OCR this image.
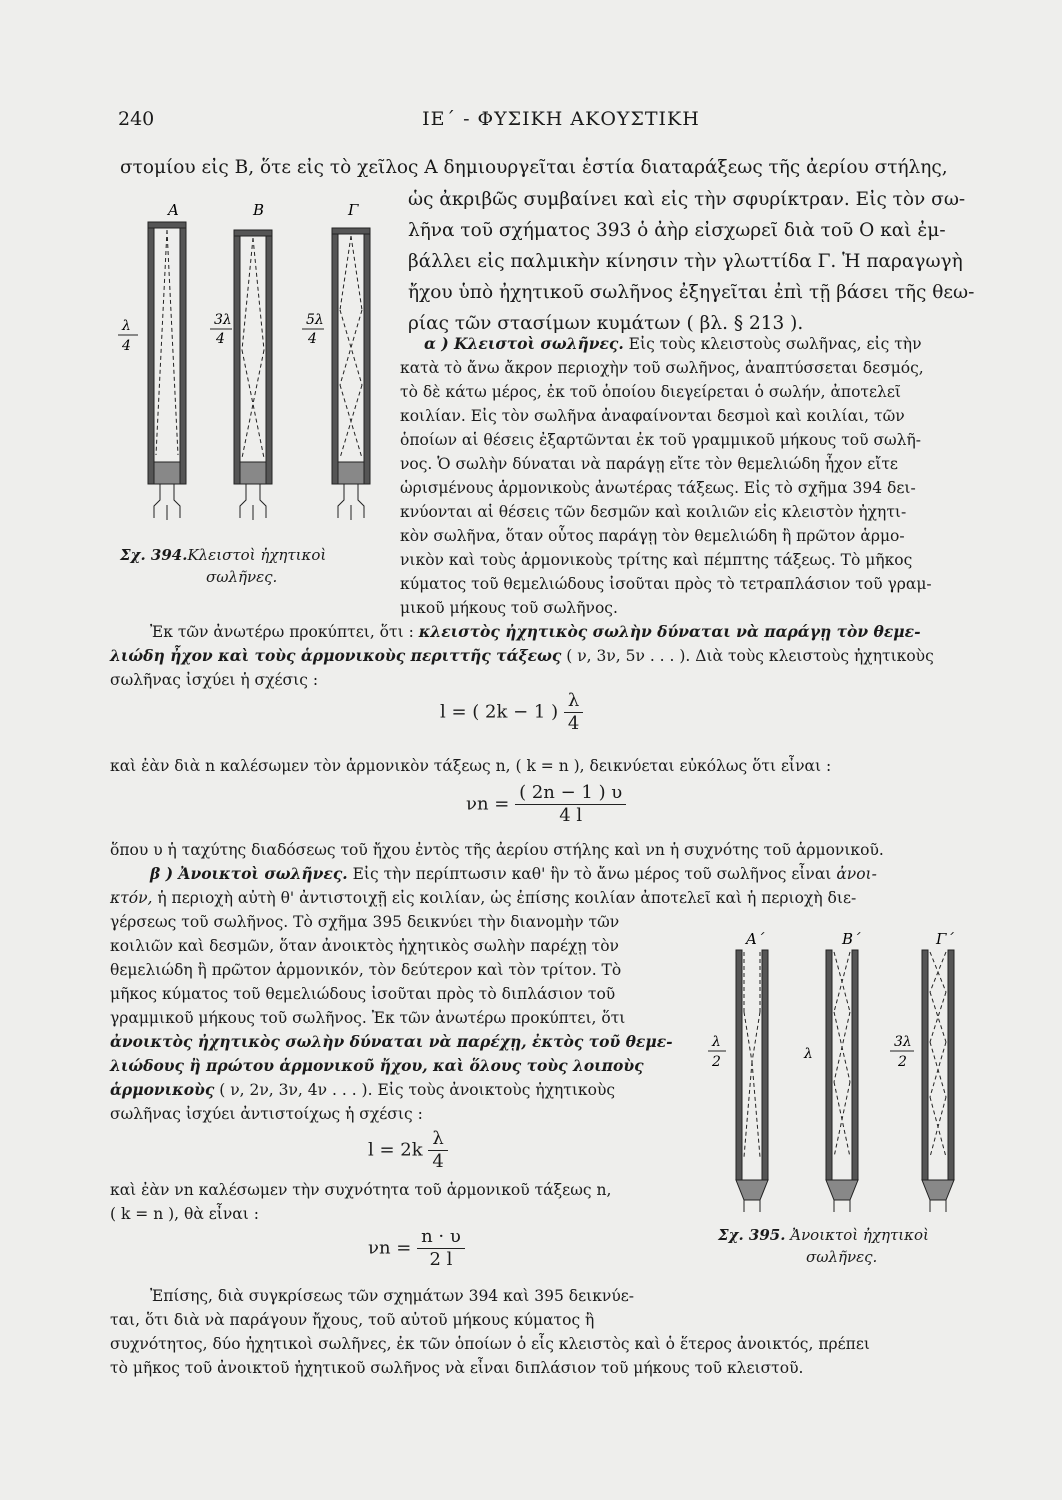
240	ΙΕ΄ - ΦΥΣΙΚΗ ΑΚΟΥΣΤΙΚΗ
στομίου εἰς Β, ὅτε εἰς τὸ χεῖλος Α δημιουργεῖται ἑστία διαταράξεως τῆς ἀερίου στήλης,
ὡς ἀκριβῶς συμβαίνει καὶ εἰς τὴν σφυρίκτραν. Εἰς τὸν σω-
λῆνα τοῦ σχήματος 393 ὁ ἀὴρ εἰσχωρεῖ διὰ τοῦ Ο καὶ ἐμ-
βάλλει εἰς παλμικὴν κίνησιν τὴν γλωττίδα Γ. Ἡ παραγωγὴ
ἤχου ὑπὸ ἠχητικοῦ σωλῆνος ἐξηγεῖται ἐπὶ τῇ βάσει τῆς θεω-
ρίας τῶν στασίμων κυμάτων ( βλ. § 213 ).
α ) Κλειστοὶ σωλῆνες. Εἰς τοὺς κλειστοὺς σωλῆνας, εἰς τὴν
κατὰ τὸ ἄνω ἄκρον περιοχὴν τοῦ σωλῆνος, ἀναπτύσσεται δεσμός,
τὸ δὲ κάτω μέρος, ἐκ τοῦ ὁποίου διεγείρεται ὁ σωλήν, ἀποτελεῖ
κοιλίαν. Εἰς τὸν σωλῆνα ἀναφαίνονται δεσμοὶ καὶ κοιλίαι, τῶν
ὁποίων αἱ θέσεις ἐξαρτῶνται ἐκ τοῦ γραμμικοῦ μήκους τοῦ σωλῆ-
νος. Ὁ σωλὴν δύναται νὰ παράγῃ εἴτε τὸν θεμελιώδη ἦχον εἴτε
ὡρισμένους ἁρμονικοὺς ἀνωτέρας τάξεως. Εἰς τὸ σχῆμα 394 δει-
κνύονται αἱ θέσεις τῶν δεσμῶν καὶ κοιλιῶν εἰς κλειστὸν ἠχητι-
κὸν σωλῆνα, ὅταν οὗτος παράγῃ τὸν θεμελιώδη ἢ πρῶτον ἁρμο-
νικὸν καὶ τοὺς ἁρμονικοὺς τρίτης καὶ πέμπτης τάξεως. Τὸ μῆκος
κύματος τοῦ θεμελιώδους ἰσοῦται πρὸς τὸ τετραπλάσιον τοῦ γραμ-
μικοῦ μήκους τοῦ σωλῆνος.
A	B	Γ
λ
4
3λ
4
5λ
4
Σχ. 394.Κλειστοὶ ἠχητικοὶ
σωλῆνες.
Ἐκ τῶν ἀνωτέρω προκύπτει, ὅτι : κλειστὸς ἠχητικὸς σωλὴν δύναται νὰ παράγῃ τὸν θεμε-
λιώδη ἦχον καὶ τοὺς ἁρμονικοὺς περιττῆς τάξεως ( ν, 3ν, 5ν . . . ). Διὰ τοὺς κλειστοὺς ἠχητικοὺς
σωλῆνας ἰσχύει ἡ σχέσις :
l = ( 2k − 1 ) $\frac{\lambda}{4}$
καὶ ἐὰν διὰ n καλέσωμεν τὸν ἁρμονικὸν τάξεως n, ( k = n ), δεικνύεται εὐκόλως ὅτι εἶναι :
$\nu n = \frac{( 2n - 1 ) \upsilon}{4 l}$
ὅπου υ ἡ ταχύτης διαδόσεως τοῦ ἤχου ἐντὸς τῆς ἀερίου στήλης καὶ νn ἡ συχνότης τοῦ ἁρμονικοῦ.
β ) Ἀνοικτοὶ σωλῆνες. Εἰς τὴν περίπτωσιν καθ' ἣν τὸ ἄνω μέρος τοῦ σωλῆνος εἶναι ἀνοι-
κτόν, ἡ περιοχὴ αὐτὴ θ' ἀντιστοιχῇ εἰς κοιλίαν, ὡς ἐπίσης κοιλίαν ἀποτελεῖ καὶ ἡ περιοχὴ διε-
γέρσεως τοῦ σωλῆνος. Τὸ σχῆμα 395 δεικνύει τὴν διανομὴν τῶν
κοιλιῶν καὶ δεσμῶν, ὅταν ἀνοικτὸς ἠχητικὸς σωλὴν παρέχῃ τὸν
θεμελιώδη ἢ πρῶτον ἁρμονικόν, τὸν δεύτερον καὶ τὸν τρίτον. Τὸ
μῆκος κύματος τοῦ θεμελιώδους ἰσοῦται πρὸς τὸ διπλάσιον τοῦ
γραμμικοῦ μήκους τοῦ σωλῆνος. Ἐκ τῶν ἀνωτέρω προκύπτει, ὅτι
ἀνοικτὸς ἠχητικὸς σωλὴν δύναται νὰ παρέχῃ, ἐκτὸς τοῦ θεμε-
λιώδους ἢ πρώτου ἁρμονικοῦ ἤχου, καὶ ὅλους τοὺς λοιποὺς
ἁρμονικοὺς ( ν, 2ν, 3ν, 4ν . . . ). Εἰς τοὺς ἀνοικτοὺς ἠχητικοὺς
σωλῆνας ἰσχύει ἀντιστοίχως ἡ σχέσις :
$l = 2k \frac{\lambda}{4}$
καὶ ἐὰν νn καλέσωμεν τὴν συχνότητα τοῦ ἁρμονικοῦ τάξεως n,
( k = n ), θὰ εἶναι :
$\nu n = \frac{n \cdot \upsilon}{2 l}$
A΄	B΄	Γ΄
λ
2	λ
3λ
2
Σχ. 395. Ἀνοικτοὶ ἠχητικοὶ
σωλῆνες.
Ἐπίσης, διὰ συγκρίσεως τῶν σχημάτων 394 καὶ 395 δεικνύε-
ται, ὅτι διὰ νὰ παράγουν ἤχους, τοῦ αὐτοῦ μήκους κύματος ἢ
συχνότητος, δύο ἠχητικοὶ σωλῆνες, ἐκ τῶν ὁποίων ὁ εἷς κλειστὸς καὶ ὁ ἕτερος ἀνοικτός, πρέπει
τὸ μῆκος τοῦ ἀνοικτοῦ ἠχητικοῦ σωλῆνος νὰ εἶναι διπλάσιον τοῦ μήκους τοῦ κλειστοῦ.
